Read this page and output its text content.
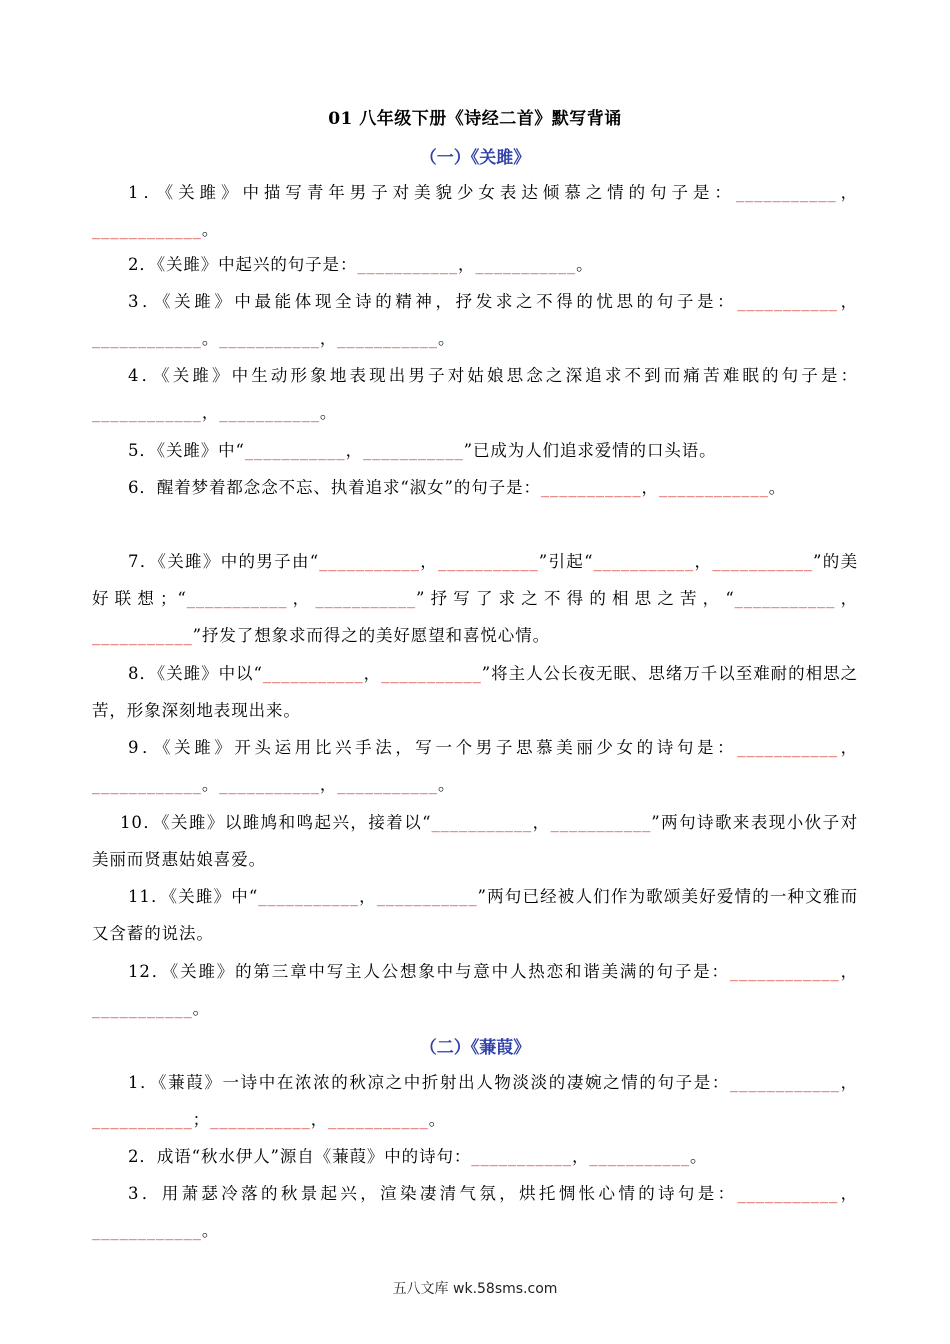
01 八年级下册《诗经二首》默写背诵
（一）《关雎》
1．《关雎》中描写青年男子对美貌少女表达倾慕之情的句子是：___________，____________。
2．《关雎》中起兴的句子是：___________，___________。
3．《关雎》中最能体现全诗的精神，抒发求之不得的忧思的句子是：___________，____________。___________，___________。
4．《关雎》中生动形象地表现出男子对姑娘思念之深追求不到而痛苦难眠的句子是：____________，___________。
5．《关雎》中“___________，___________”已成为人们追求爱情的口头语。
6．醒着梦着都念念不忘、执着追求“淑女”的句子是：___________，____________。
7．《关雎》中的男子由“___________，___________”引起“___________，___________”的美好联想；“___________，___________”抒写了求之不得的相思之苦，“___________，___________”抒发了想象求而得之的美好愿望和喜悦心情。
8．《关雎》中以“___________，___________”将主人公长夜无眠、思绪万千以至难耐的相思之苦，形象深刻地表现出来。
9．《关雎》开头运用比兴手法，写一个男子思慕美丽少女的诗句是：___________，____________。___________，___________。
10．《关雎》以雎鸠和鸣起兴，接着以“___________，___________”两句诗歌来表现小伙子对美丽而贤惠姑娘喜爱。
11．《关雎》中“___________，___________”两句已经被人们作为歌颂美好爱情的一种文雅而又含蓄的说法。
12．《关雎》的第三章中写主人公想象中与意中人热恋和谐美满的句子是：____________，___________。
（二）《蒹葭》
1．《蒹葭》一诗中在浓浓的秋凉之中折射出人物淡淡的凄婉之情的句子是：____________，___________；___________，___________。
2．成语“秋水伊人”源自《蒹葭》中的诗句：___________，___________。
3．用萧瑟冷落的秋景起兴，渲染凄清气氛，烘托惆怅心情的诗句是：___________，____________。
五八文库 wk.58sms.com
